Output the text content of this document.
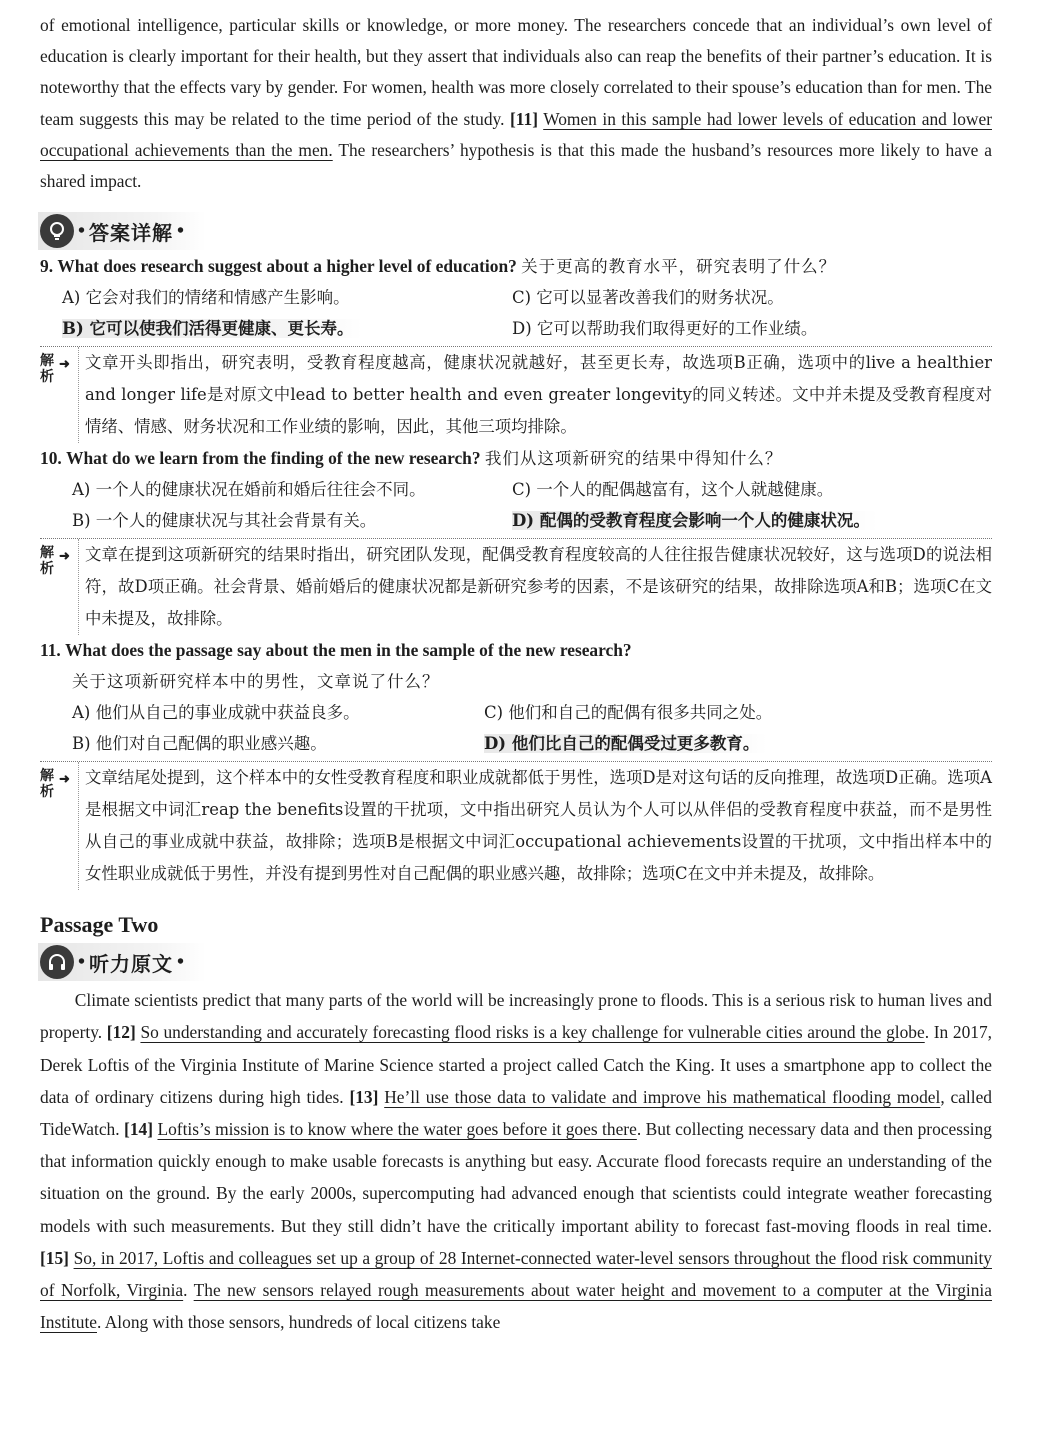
of emotional intelligence, particular skills or knowledge, or more money. The researchers concede that an individual’s own level of education is clearly important for their health, but they assert that individuals also can reap the benefits of their partner’s education. It is noteworthy that the effects vary by gender. For women, health was more closely correlated to their spouse’s education than for men. The team suggests this may be related to the time period of the study. [11] Women in this sample had lower levels of education and lower occupational achievements than the men. The researchers’ hypothesis is that this made the husband’s resources more likely to have a shared impact.

• 答案详解 •

9. What does research suggest about a higher level of education? 关于更高的教育水平，研究表明了什么？

A) 它会对我们的情绪和情感产生影响。	C) 它可以显著改善我们的财务状况。
B) 它可以使我们活得更健康、更长寿。	D) 它可以帮助我们取得更好的工作业绩。
解析
➜ 文章开头即指出，研究表明，受教育程度越高，健康状况就越好，甚至更长寿，故选项B正确，选项中的live a healthier and longer life是对原文中lead to better health and even greater longevity的同义转述。文中并未提及受教育程度对情绪、情感、财务状况和工作业绩的影响，因此，其他三项均排除。

10. What do we learn from the finding of the new research? 我们从这项新研究的结果中得知什么？

A) 一个人的健康状况在婚前和婚后往往会不同。	C) 一个人的配偶越富有，这个人就越健康。
B) 一个人的健康状况与其社会背景有关。	D) 配偶的受教育程度会影响一个人的健康状况。
解析
➜ 文章在提到这项新研究的结果时指出，研究团队发现，配偶受教育程度较高的人往往报告健康状况较好，这与选项D的说法相符，故D项正确。社会背景、婚前婚后的健康状况都是新研究参考的因素，不是该研究的结果，故排除选项A和B；选项C在文中未提及，故排除。

11. What does the passage say about the men in the sample of the new research?

关于这项新研究样本中的男性，文章说了什么？

A) 他们从自己的事业成就中获益良多。	C) 他们和自己的配偶有很多共同之处。
B) 他们对自己配偶的职业感兴趣。	D) 他们比自己的配偶受过更多教育。
解析
➜ 文章结尾处提到，这个样本中的女性受教育程度和职业成就都低于男性，选项D是对这句话的反向推理，故选项D正确。选项A是根据文中词汇reap the benefits设置的干扰项，文中指出研究人员认为个人可以从伴侣的受教育程度中获益，而不是男性从自己的事业成就中获益，故排除；选项B是根据文中词汇occupational achievements设置的干扰项，文中指出样本中的女性职业成就低于男性，并没有提到男性对自己配偶的职业感兴趣，故排除；选项C在文中并未提及，故排除。
Passage Two
• 听力原文 •

Climate scientists predict that many parts of the world will be increasingly prone to floods. This is a serious risk to human lives and property. [12] So understanding and accurately forecasting flood risks is a key challenge for vulnerable cities around the globe. In 2017, Derek Loftis of the Virginia Institute of Marine Science started a project called Catch the King. It uses a smartphone app to collect the data of ordinary citizens during high tides. [13] He’ll use those data to validate and improve his mathematical flooding model, called TideWatch. [14] Loftis’s mission is to know where the water goes before it goes there. But collecting necessary data and then processing that information quickly enough to make usable forecasts is anything but easy. Accurate flood forecasts require an understanding of the situation on the ground. By the early 2000s, supercomputing had advanced enough that scientists could integrate weather forecasting models with such measurements. But they still didn’t have the critically important ability to forecast fast-moving floods in real time. [15] So, in 2017, Loftis and colleagues set up a group of 28 Internet-connected water-level sensors throughout the flood risk community of Norfolk, Virginia. The new sensors relayed rough measurements about water height and movement to a computer at the Virginia Institute. Along with those sensors, hundreds of local citizens take
